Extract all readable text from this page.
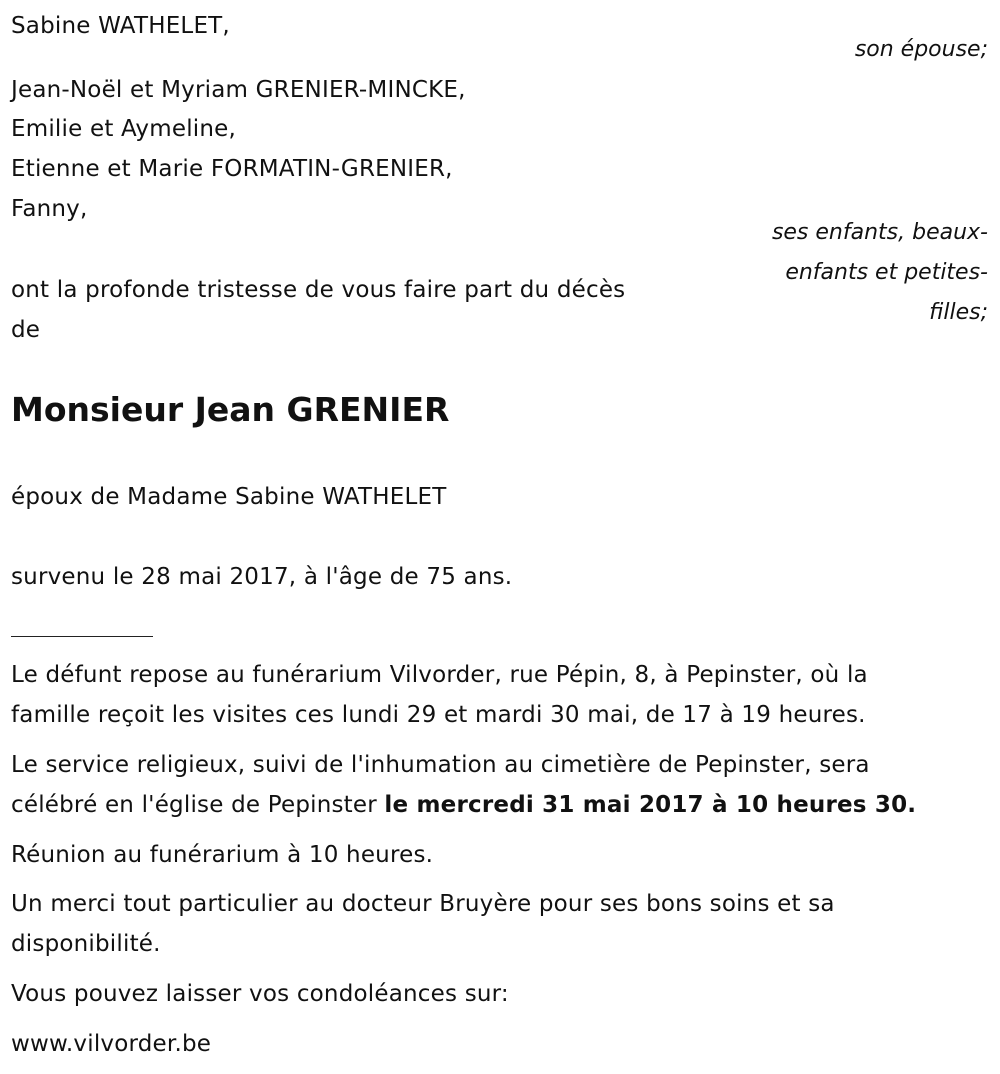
Sabine WATHELET,
son épouse;
Jean-Noël et Myriam GRENIER-MINCKE,
Emilie et Aymeline,
Etienne et Marie FORMATIN-GRENIER,
Fanny,
ses enfants, beaux-
enfants et petites-
filles;
ont la profonde tristesse de vous faire part du décès
de
Monsieur Jean GRENIER
époux de Madame Sabine WATHELET
survenu le 28 mai 2017, à l'âge de 75 ans.
Le défunt repose au funérarium Vilvorder, rue Pépin, 8, à Pepinster, où la
famille reçoit les visites ces lundi 29 et mardi 30 mai, de 17 à 19 heures.
Le service religieux, suivi de l'inhumation au cimetière de Pepinster, sera
célébré en l'église de Pepinster le mercredi 31 mai 2017 à 10 heures 30.
Réunion au funérarium à 10 heures.
Un merci tout particulier au docteur Bruyère pour ses bons soins et sa
disponibilité.
Vous pouvez laisser vos condoléances sur:
www.vilvorder.be
